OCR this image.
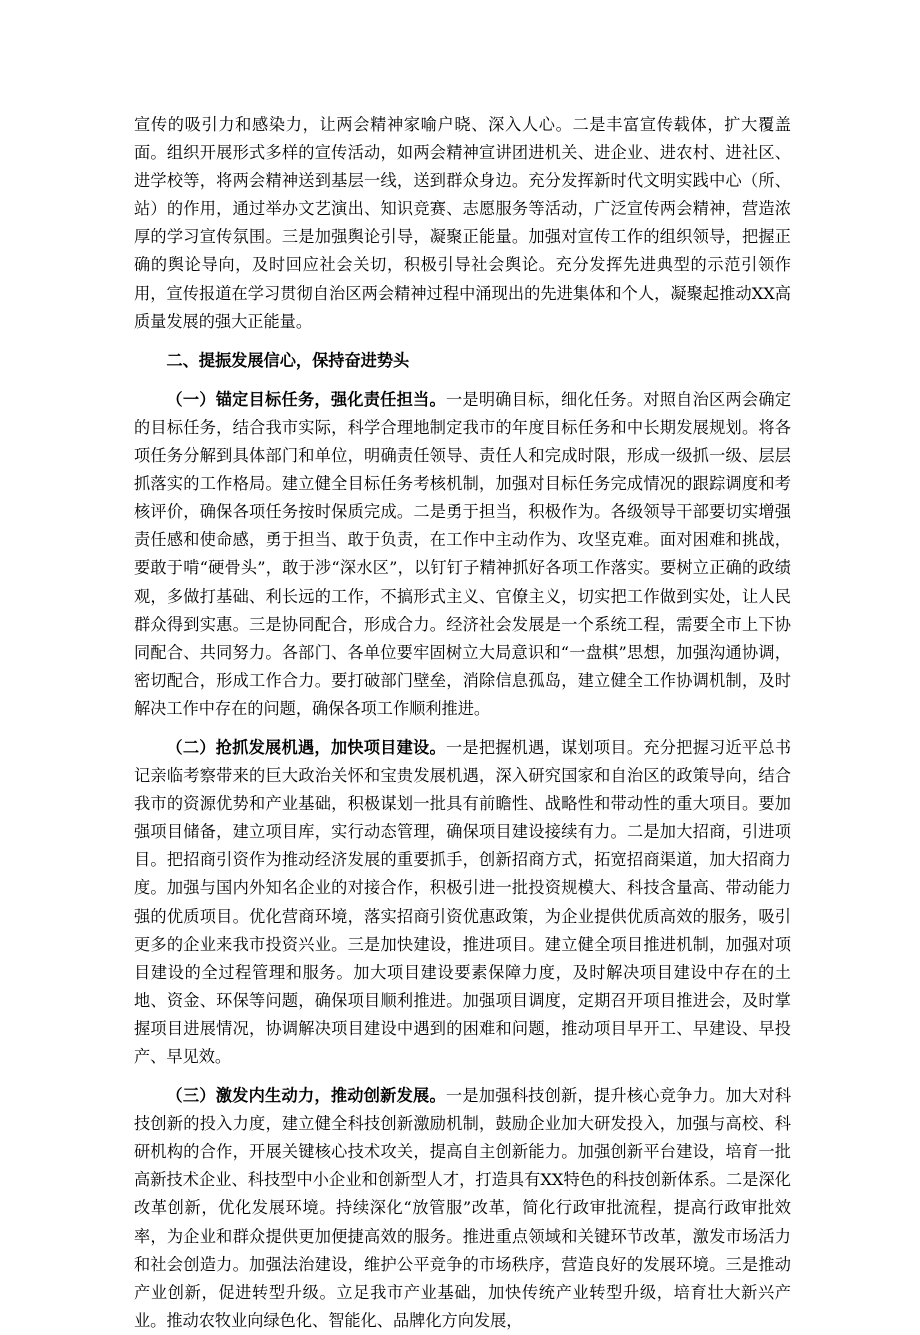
宣传的吸引力和感染力，让两会精神家喻户晓、深入人心。二是丰富宣传载体，扩大覆盖面。组织开展形式多样的宣传活动，如两会精神宣讲团进机关、进企业、进农村、进社区、进学校等，将两会精神送到基层一线，送到群众身边。充分发挥新时代文明实践中心（所、站）的作用，通过举办文艺演出、知识竞赛、志愿服务等活动，广泛宣传两会精神，营造浓厚的学习宣传氛围。三是加强舆论引导，凝聚正能量。加强对宣传工作的组织领导，把握正确的舆论导向，及时回应社会关切，积极引导社会舆论。充分发挥先进典型的示范引领作用，宣传报道在学习贯彻自治区两会精神过程中涌现出的先进集体和个人，凝聚起推动XX高质量发展的强大正能量。

二、提振发展信心，保持奋进势头

（一）锚定目标任务，强化责任担当。一是明确目标，细化任务。对照自治区两会确定的目标任务，结合我市实际，科学合理地制定我市的年度目标任务和中长期发展规划。将各项任务分解到具体部门和单位，明确责任领导、责任人和完成时限，形成一级抓一级、层层抓落实的工作格局。建立健全目标任务考核机制，加强对目标任务完成情况的跟踪调度和考核评价，确保各项任务按时保质完成。二是勇于担当，积极作为。各级领导干部要切实增强责任感和使命感，勇于担当、敢于负责，在工作中主动作为、攻坚克难。面对困难和挑战，要敢于啃“硬骨头”，敢于涉“深水区”，以钉钉子精神抓好各项工作落实。要树立正确的政绩观，多做打基础、利长远的工作，不搞形式主义、官僚主义，切实把工作做到实处，让人民群众得到实惠。三是协同配合，形成合力。经济社会发展是一个系统工程，需要全市上下协同配合、共同努力。各部门、各单位要牢固树立大局意识和“一盘棋”思想，加强沟通协调，密切配合，形成工作合力。要打破部门壁垒，消除信息孤岛，建立健全工作协调机制，及时解决工作中存在的问题，确保各项工作顺利推进。

（二）抢抓发展机遇，加快项目建设。一是把握机遇，谋划项目。充分把握习近平总书记亲临考察带来的巨大政治关怀和宝贵发展机遇，深入研究国家和自治区的政策导向，结合我市的资源优势和产业基础，积极谋划一批具有前瞻性、战略性和带动性的重大项目。要加强项目储备，建立项目库，实行动态管理，确保项目建设接续有力。二是加大招商，引进项目。把招商引资作为推动经济发展的重要抓手，创新招商方式，拓宽招商渠道，加大招商力度。加强与国内外知名企业的对接合作，积极引进一批投资规模大、科技含量高、带动能力强的优质项目。优化营商环境，落实招商引资优惠政策，为企业提供优质高效的服务，吸引更多的企业来我市投资兴业。三是加快建设，推进项目。建立健全项目推进机制，加强对项目建设的全过程管理和服务。加大项目建设要素保障力度，及时解决项目建设中存在的土地、资金、环保等问题，确保项目顺利推进。加强项目调度，定期召开项目推进会，及时掌握项目进展情况，协调解决项目建设中遇到的困难和问题，推动项目早开工、早建设、早投产、早见效。

（三）激发内生动力，推动创新发展。一是加强科技创新，提升核心竞争力。加大对科技创新的投入力度，建立健全科技创新激励机制，鼓励企业加大研发投入，加强与高校、科研机构的合作，开展关键核心技术攻关，提高自主创新能力。加强创新平台建设，培育一批高新技术企业、科技型中小企业和创新型人才，打造具有XX特色的科技创新体系。二是深化改革创新，优化发展环境。持续深化“放管服”改革，简化行政审批流程，提高行政审批效率，为企业和群众提供更加便捷高效的服务。推进重点领域和关键环节改革，激发市场活力和社会创造力。加强法治建设，维护公平竞争的市场秩序，营造良好的发展环境。三是推动产业创新，促进转型升级。立足我市产业基础，加快传统产业转型升级，培育壮大新兴产业。推动农牧业向绿色化、智能化、品牌化方向发展，
